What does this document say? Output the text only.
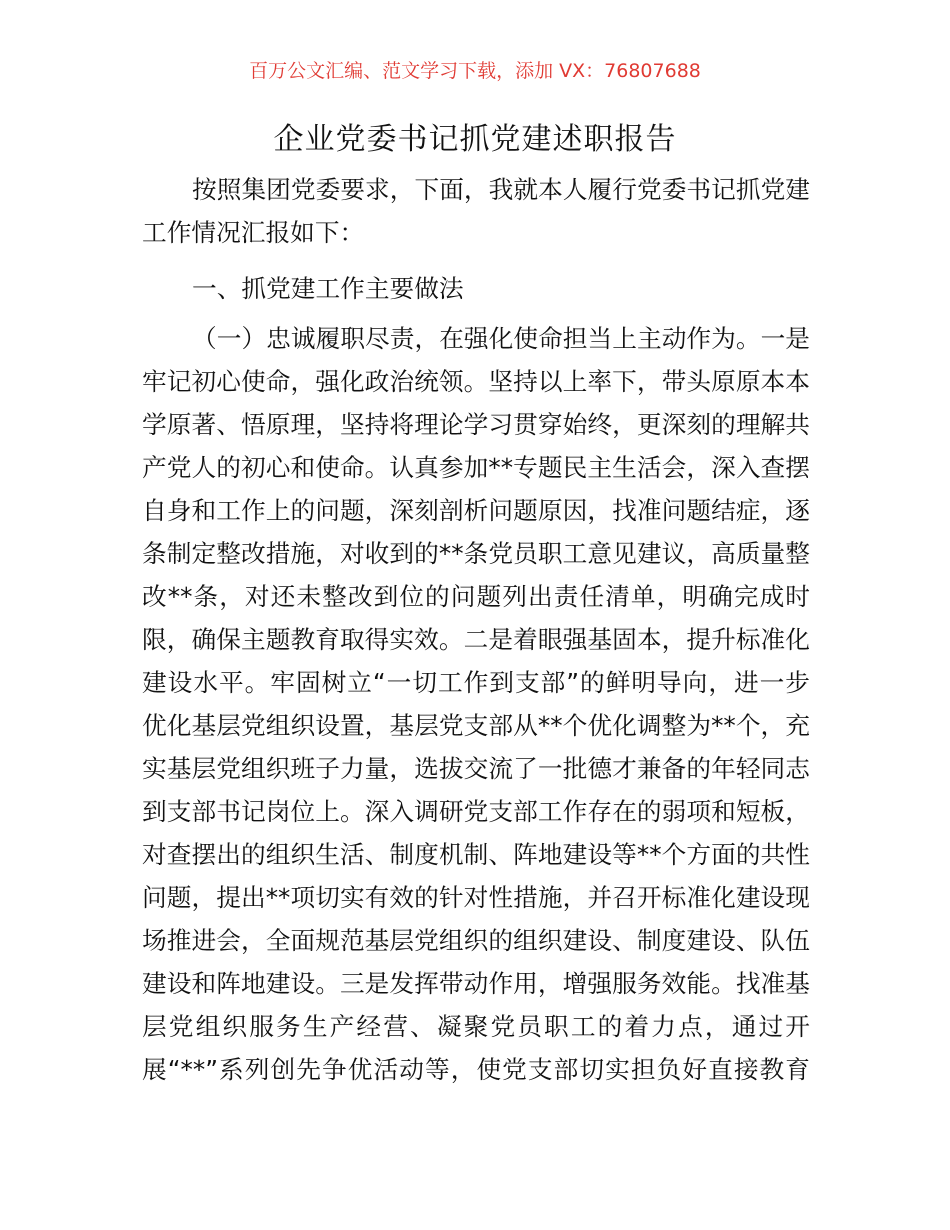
百万公文汇编、范文学习下载，添加 VX：76807688
企业党委书记抓党建述职报告
按照集团党委要求，下面，我就本人履行党委书记抓党建
工作情况汇报如下：
一、抓党建工作主要做法
（一）忠诚履职尽责，在强化使命担当上主动作为。一是
牢记初心使命，强化政治统领。坚持以上率下，带头原原本本
学原著、悟原理，坚持将理论学习贯穿始终，更深刻的理解共
产党人的初心和使命。认真参加**专题民主生活会，深入查摆
自身和工作上的问题，深刻剖析问题原因，找准问题结症，逐
条制定整改措施，对收到的**条党员职工意见建议，高质量整
改**条，对还未整改到位的问题列出责任清单，明确完成时
限，确保主题教育取得实效。二是着眼强基固本，提升标准化
建设水平。牢固树立“一切工作到支部”的鲜明导向，进一步
优化基层党组织设置，基层党支部从**个优化调整为**个，充
实基层党组织班子力量，选拔交流了一批德才兼备的年轻同志
到支部书记岗位上。深入调研党支部工作存在的弱项和短板，
对查摆出的组织生活、制度机制、阵地建设等**个方面的共性
问题，提出**项切实有效的针对性措施，并召开标准化建设现
场推进会，全面规范基层党组织的组织建设、制度建设、队伍
建设和阵地建设。三是发挥带动作用，增强服务效能。找准基
层党组织服务生产经营、凝聚党员职工的着力点，通过开
展“**”系列创先争优活动等，使党支部切实担负好直接教育
